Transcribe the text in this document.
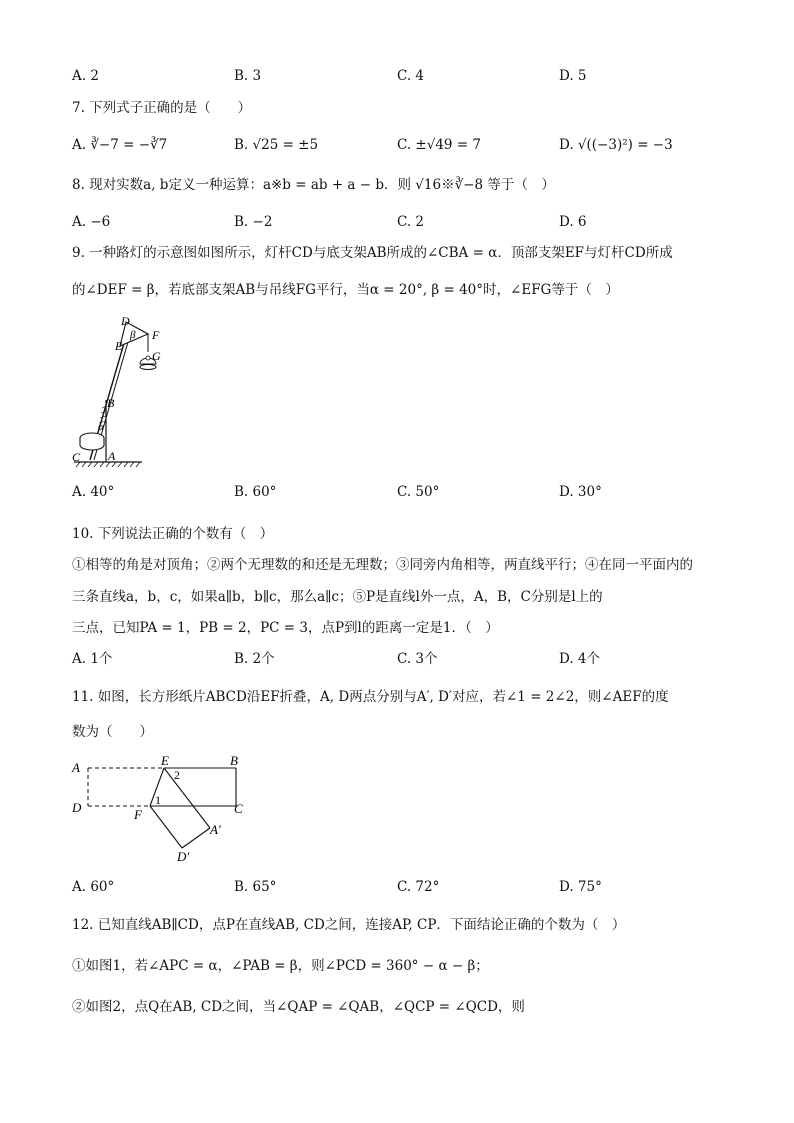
A. 2	B. 3	C. 4	D. 5
7. 下列式子正确的是（　　）
A. ∛−7 = −∛7	B. √25 = ±5	C. ±√49 = 7	D. √((−3)²) = −3
8. 现对实数a, b定义一种运算：a※b = ab + a − b．则 √16※∛−8 等于（　）
A. −6	B. −2	C. 2	D. 6
9. 一种路灯的示意图如图所示，灯杆CD与底支架AB所成的∠CBA = α．顶部支架EF与灯杆CD所成
的∠DEF = β，若底部支架AB与吊线FG平行，当α = 20°, β = 40°时，∠EFG等于（　）
D
F
E
G
β
B
α
C A
A. 40°	B. 60°	C. 50°	D. 30°
10. 下列说法正确的个数有（　）
①相等的角是对顶角；②两个无理数的和还是无理数；③同旁内角相等，两直线平行；④在同一平面内的
三条直线a，b，c，如果a∥b，b∥c，那么a∥c；⑤P是直线l外一点，A，B，C分别是l上的
三点，已知PA = 1，PB = 2，PC = 3，点P到l的距离一定是1．（　）
A. 1个	B. 2个	C. 3个	D. 4个
11. 如图，长方形纸片ABCD沿EF折叠，A, D两点分别与A′, D′对应，若∠1 = 2∠2，则∠AEF的度
数为（　　）
A	E	B
2
D	1
C
F
A′
D′
A. 60°	B. 65°	C. 72°	D. 75°
12. 已知直线AB∥CD，点P在直线AB, CD之间，连接AP, CP．下面结论正确的个数为（　）
①如图1，若∠APC = α，∠PAB = β，则∠PCD = 360° − α − β；
②如图2，点Q在AB, CD之间，当∠QAP = ∠QAB，∠QCP = ∠QCD，则
